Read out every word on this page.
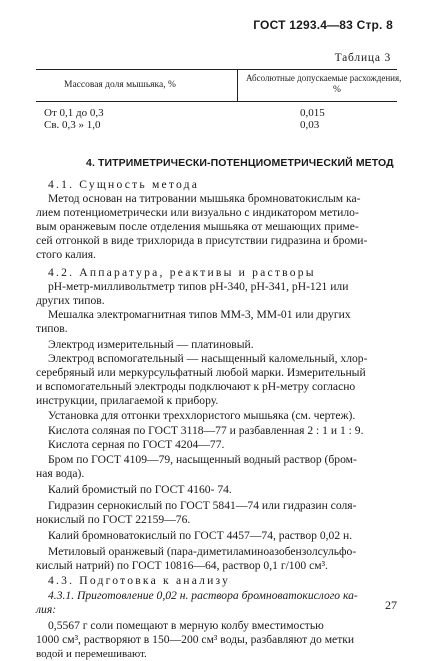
ГОСТ 1293.4—83 Стр. 8
Таблица 3
Массовая доля мышьяка, %
Абсолютные допускаемые расхождения,
%
От 0,1 до 0,3	0,015
Св. 0,3 » 1,0	0,03
4. ТИТРИМЕТРИЧЕСКИ-ПОТЕНЦИОМЕТРИЧЕСКИЙ МЕТОД
4.1. Сущность метода
Метод основан на титровании мышьяка бромноватокислым ка-
лием потенциометрически или визуально с индикатором метило-
вым оранжевым после отделения мышьяка от мешающих приме-
сей отгонкой в виде трихлорида в присутствии гидразина и броми-
стого калия.
4.2. Аппаратура, реактивы и растворы
pH-метр-милливольтметр типов pH-340, pH-341, pH-121 или
других типов.
Мешалка электромагнитная типов ММ-3, ММ-01 или других
типов.
Электрод измерительный — платиновый.
Электрод вспомогательный — насыщенный каломельный, хлор-
серебряный или меркурсульфатный любой марки. Измерительный
и вспомогательный электроды подключают к pH-метру согласно
инструкции, прилагаемой к прибору.
Установка для отгонки треххлористого мышьяка (см. чертеж).
Кислота соляная по ГОСТ 3118—77 и разбавленная 2 : 1 и 1 : 9.
Кислота серная по ГОСТ 4204—77.
Бром по ГОСТ 4109—79, насыщенный водный раствор (бром-
ная вода).
Калий бромистый по ГОСТ 4160- 74.
Гидразин сернокислый по ГОСТ 5841—74 или гидразин соля-
нокислый по ГОСТ 22159—76.
Калий бромноватокислый по ГОСТ 4457—74, раствор 0,02 н.
Метиловый оранжевый (пара-диметиламиноазобензолсульфо-
кислый натрий) по ГОСТ 10816—64, раствор 0,1 г/100 см³.
4.3. Подготовка к анализу
4.3.1. Приготовление 0,02 н. раствора бромноватокислого ка-
лия:
0,5567 г соли помещают в мерную колбу вместимостью
1000 см³, растворяют в 150—200 см³ воды, разбавляют до метки
водой и перемешивают.
27
